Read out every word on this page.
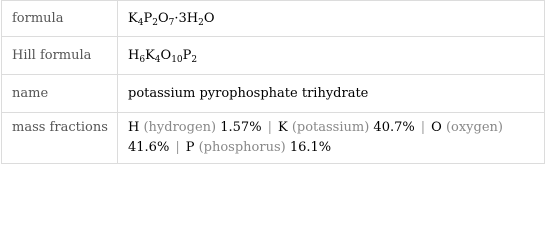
formula	$K_4P_2O_7\cdot 3H_2O$
Hill formula	$H_6K_4O_{10}P_2$
name	potassium pyrophosphate trihydrate
mass fractions	H (hydrogen) 1.57% | K (potassium) 40.7% | O (oxygen)
41.6% | P (phosphorus) 16.1%
